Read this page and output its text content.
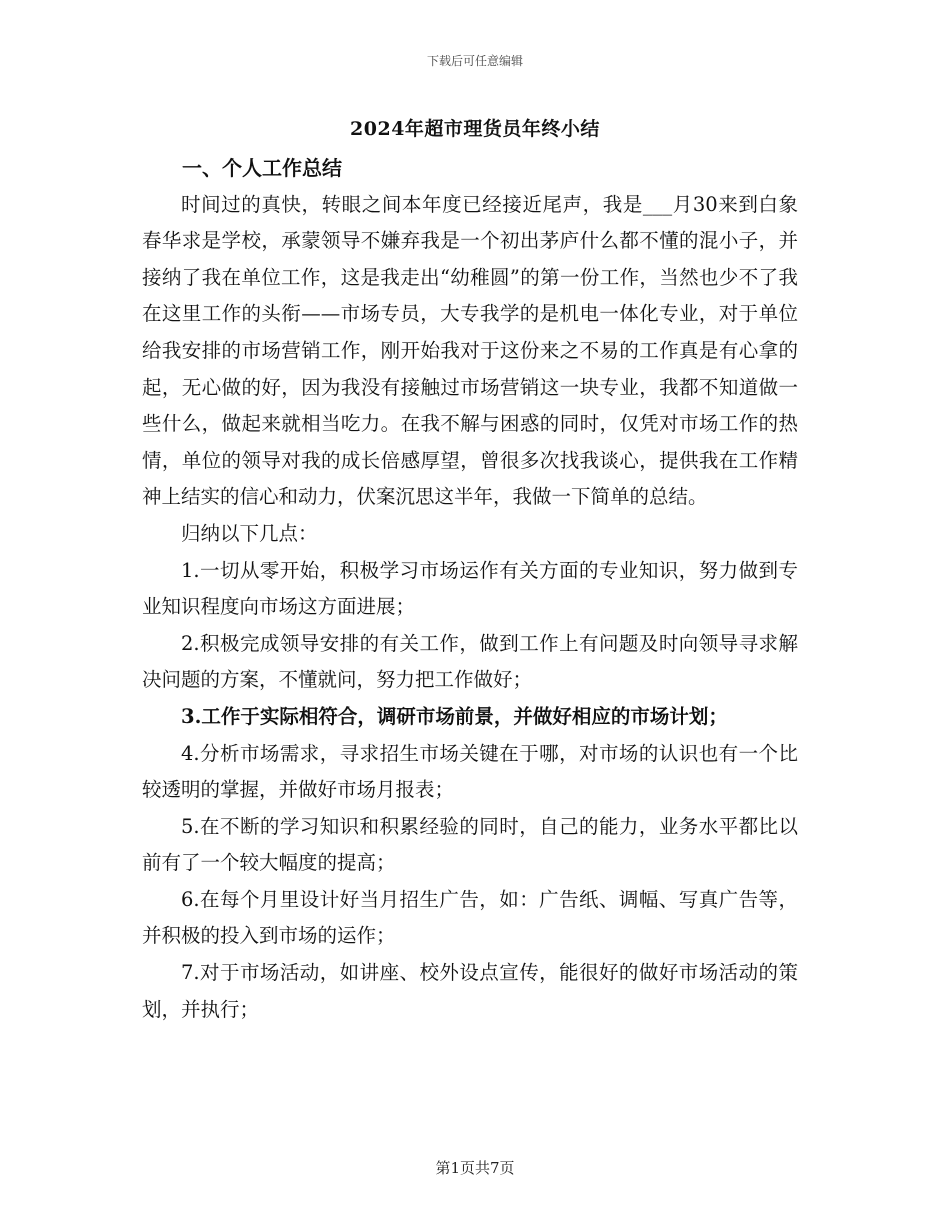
下载后可任意编辑
2024年超市理货员年终小结

一、个人工作总结

时间过的真快，转眼之间本年度已经接近尾声，我是___月30来到白象春华求是学校，承蒙领导不嫌弃我是一个初出茅庐什么都不懂的混小子，并接纳了我在单位工作，这是我走出“幼稚圆”的第一份工作，当然也少不了我在这里工作的头衔——市场专员，大专我学的是机电一体化专业，对于单位给我安排的市场营销工作，刚开始我对于这份来之不易的工作真是有心拿的起，无心做的好，因为我没有接触过市场营销这一块专业，我都不知道做一些什么，做起来就相当吃力。在我不解与困惑的同时，仅凭对市场工作的热情，单位的领导对我的成长倍感厚望，曾很多次找我谈心，提供我在工作精神上结实的信心和动力，伏案沉思这半年，我做一下简单的总结。

归纳以下几点：

1.一切从零开始，积极学习市场运作有关方面的专业知识，努力做到专业知识程度向市场这方面进展；

2.积极完成领导安排的有关工作，做到工作上有问题及时向领导寻求解决问题的方案，不懂就问，努力把工作做好；

3.工作于实际相符合，调研市场前景，并做好相应的市场计划；

4.分析市场需求，寻求招生市场关键在于哪，对市场的认识也有一个比较透明的掌握，并做好市场月报表；

5.在不断的学习知识和积累经验的同时，自己的能力，业务水平都比以前有了一个较大幅度的提高；

6.在每个月里设计好当月招生广告，如：广告纸、调幅、写真广告等，并积极的投入到市场的运作；

7.对于市场活动，如讲座、校外设点宣传，能很好的做好市场活动的策划，并执行；

第1页共7页
